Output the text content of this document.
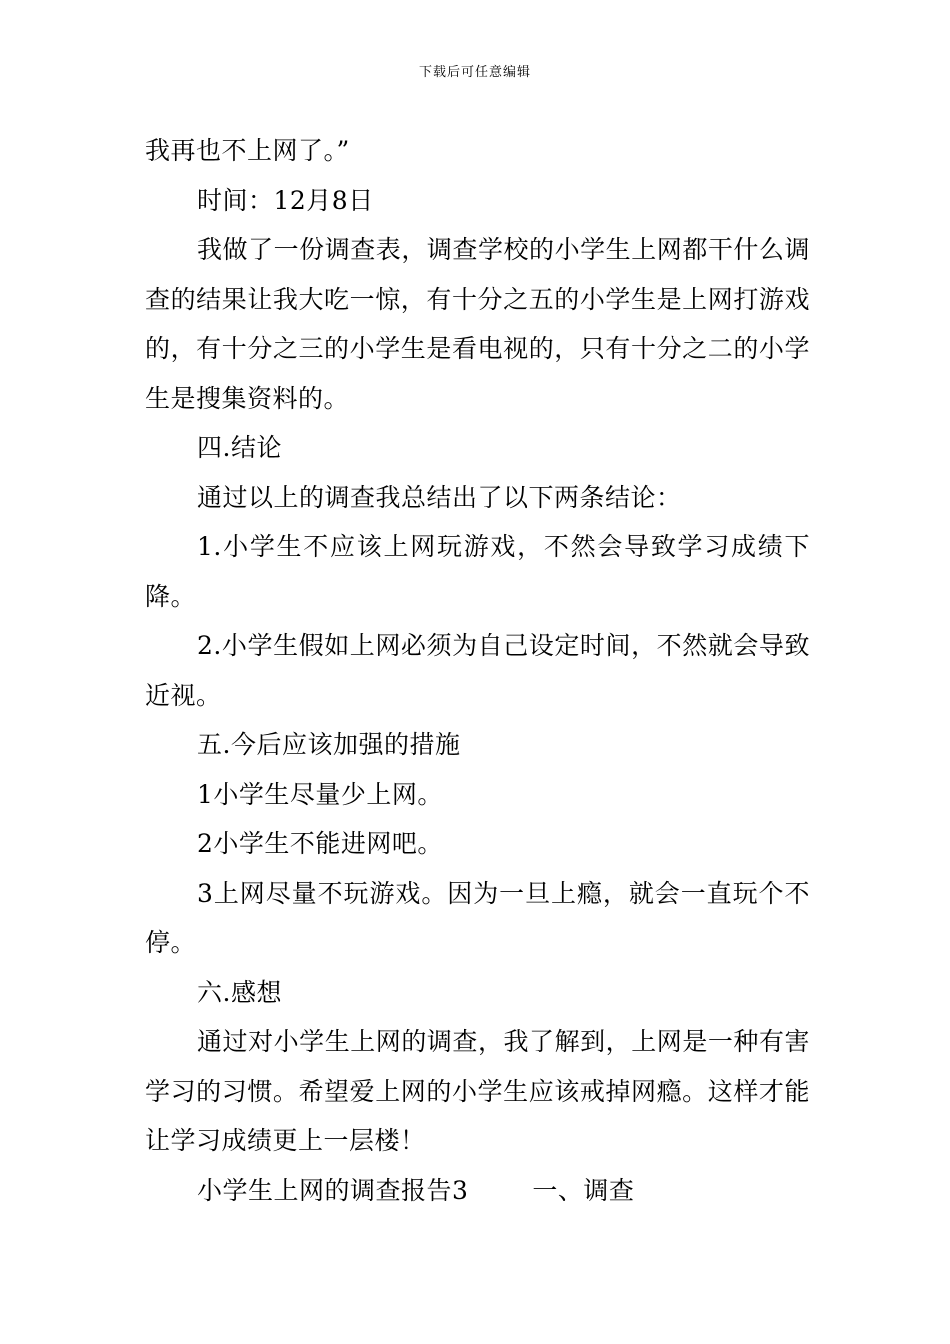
下载后可任意编辑

我再也不上网了。”

时间：12月8日

我做了一份调查表，调查学校的小学生上网都干什么调查的结果让我大吃一惊，有十分之五的小学生是上网打游戏的，有十分之三的小学生是看电视的，只有十分之二的小学生是搜集资料的。

四.结论

通过以上的调查我总结出了以下两条结论：

1.小学生不应该上网玩游戏，不然会导致学习成绩下降。

2.小学生假如上网必须为自己设定时间，不然就会导致近视。

五.今后应该加强的措施

1小学生尽量少上网。

2小学生不能进网吧。

3上网尽量不玩游戏。因为一旦上瘾，就会一直玩个不停。

六.感想

通过对小学生上网的调查，我了解到，上网是一种有害学习的习惯。希望爱上网的小学生应该戒掉网瘾。这样才能让学习成绩更上一层楼！

小学生上网的调查报告3	一、调查
